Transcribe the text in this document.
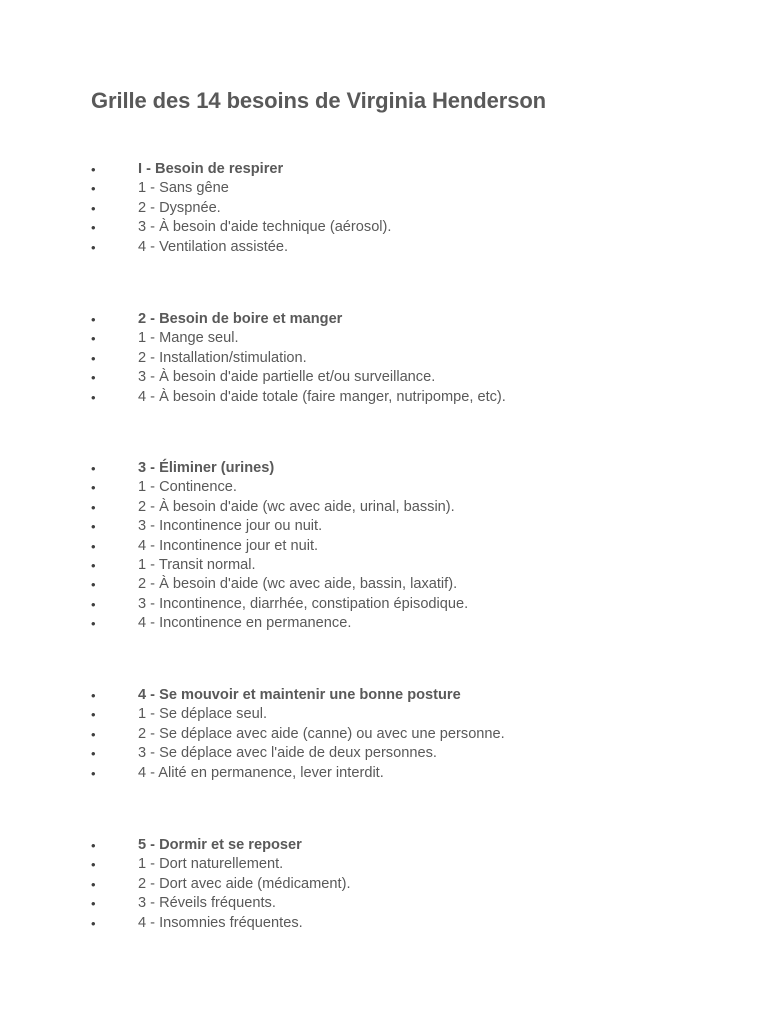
Grille des 14 besoins de Virginia Henderson
•	I - Besoin de respirer
•	1 - Sans gêne
•	2 - Dyspnée.
•	3 - À besoin d'aide technique (aérosol).
•	4 - Ventilation assistée.
•	2 - Besoin de boire et manger
•	1 - Mange seul.
•	2 - Installation/stimulation.
•	3 - À besoin d'aide partielle et/ou surveillance.
•	4 - À besoin d'aide totale (faire manger, nutripompe, etc).
•	3 - Éliminer (urines)
•	1 - Continence.
•	2 - À besoin d'aide (wc avec aide, urinal, bassin).
•	3 - Incontinence jour ou nuit.
•	4 - Incontinence jour et nuit.
•	1 - Transit normal.
•	2 - À besoin d'aide (wc avec aide, bassin, laxatif).
•	3 - Incontinence, diarrhée, constipation épisodique.
•	4 - Incontinence en permanence.
•	4 - Se mouvoir et maintenir une bonne posture
•	1 - Se déplace seul.
•	2 - Se déplace avec aide (canne) ou avec une personne.
•	3 - Se déplace avec l'aide de deux personnes.
•	4 - Alité en permanence, lever interdit.
•	5 - Dormir et se reposer
•	1 - Dort naturellement.
•	2 - Dort avec aide (médicament).
•	3 - Réveils fréquents.
•	4 - Insomnies fréquentes.
